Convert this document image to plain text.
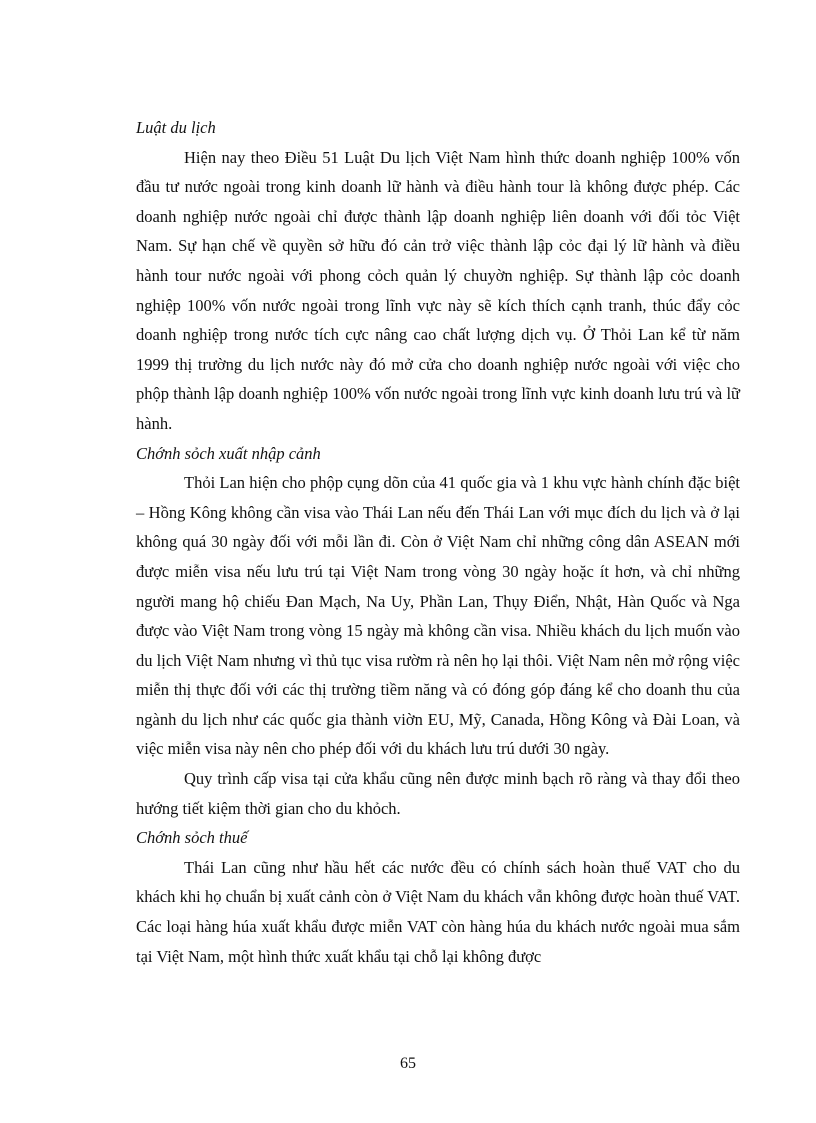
Luật du lịch

Hiện nay theo Điều 51 Luật Du lịch Việt Nam hình thức doanh nghiệp 100% vốn đầu tư nước ngoài trong kinh doanh lữ hành và điều hành tour là không được phép. Các doanh nghiệp nước ngoài chỉ được thành lập doanh nghiệp liên doanh với đối tỏc Việt Nam. Sự hạn chế về quyền sở hữu đó cản trở việc thành lập cỏc đại lý lữ hành và điều hành tour nước ngoài với phong cỏch quản lý chuyờn nghiệp. Sự thành lập cỏc doanh nghiệp 100% vốn nước ngoài trong lĩnh vực này sẽ kích thích cạnh tranh, thúc đẩy cỏc doanh nghiệp trong nước tích cực nâng cao chất lượng dịch vụ. Ở Thỏi Lan kể từ năm 1999 thị trường du lịch nước này đó mở cửa cho doanh nghiệp nước ngoài với việc cho phộp thành lập doanh nghiệp 100% vốn nước ngoài trong lĩnh vực kinh doanh lưu trú và lữ hành.

Chớnh sỏch xuất nhập cảnh

Thỏi Lan hiện cho phộp cụng dõn của 41 quốc gia và 1 khu vực hành chính đặc biệt – Hồng Kông không cần visa vào Thái Lan nếu đến Thái Lan với mục đích du lịch và ở lại không quá 30 ngày đối với mỗi lần đi. Còn ở Việt Nam chỉ những công dân ASEAN mới được miễn visa nếu lưu trú tại Việt Nam trong vòng 30 ngày hoặc ít hơn, và chỉ những người mang hộ chiếu Đan Mạch, Na Uy, Phần Lan, Thụy Điển, Nhật, Hàn Quốc và Nga được vào Việt Nam trong vòng 15 ngày mà không cần visa. Nhiều khách du lịch muốn vào du lịch Việt Nam nhưng vì thủ tục visa rườm rà nên họ lại thôi. Việt Nam nên mở rộng việc miễn thị thực đối với các thị trường tiềm năng và có đóng góp đáng kể cho doanh thu của ngành du lịch như các quốc gia thành viờn EU, Mỹ, Canada, Hồng Kông và Đài Loan, và việc miễn visa này nên cho phép đối với du khách lưu trú dưới 30 ngày.

Quy trình cấp visa tại cửa khẩu cũng nên được minh bạch rõ ràng và thay đổi theo hướng tiết kiệm thời gian cho du khỏch.

Chớnh sỏch thuế

Thái Lan cũng như hầu hết các nước đều có chính sách hoàn thuế VAT cho du khách khi họ chuẩn bị xuất cảnh còn ở Việt Nam du khách vẫn không được hoàn thuế VAT. Các loại hàng húa xuất khẩu được miễn VAT còn hàng húa du khách nước ngoài mua sắm tại Việt Nam, một hình thức xuất khẩu tại chỗ lại không được

65
